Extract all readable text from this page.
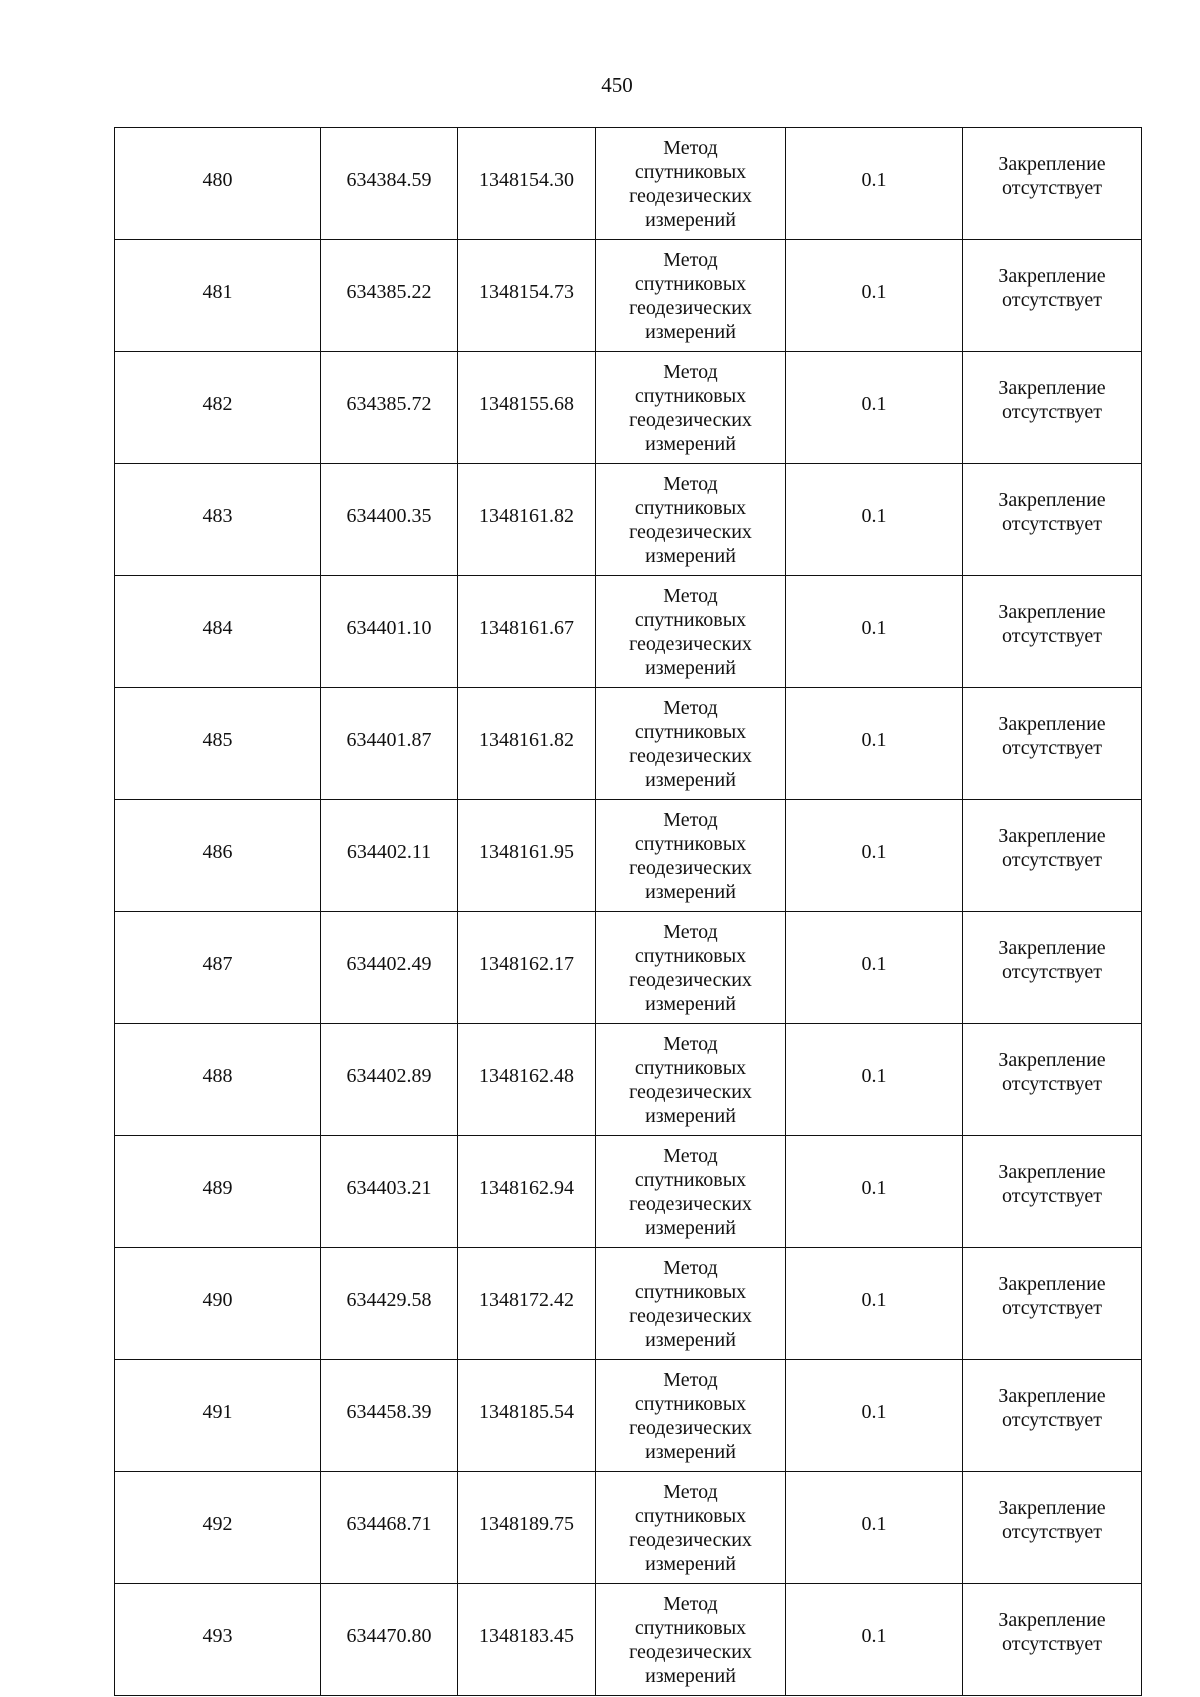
450
480	634384.59	1348154.30	Метод
спутниковых
геодезических
измерений	0.1	Закрепление
отсутствует

481	634385.22	1348154.73	Метод
спутниковых
геодезических
измерений	0.1	Закрепление
отсутствует

482	634385.72	1348155.68	Метод
спутниковых
геодезических
измерений	0.1	Закрепление
отсутствует

483	634400.35	1348161.82	Метод
спутниковых
геодезических
измерений	0.1	Закрепление
отсутствует

484	634401.10	1348161.67	Метод
спутниковых
геодезических
измерений	0.1	Закрепление
отсутствует

485	634401.87	1348161.82	Метод
спутниковых
геодезических
измерений	0.1	Закрепление
отсутствует

486	634402.11	1348161.95	Метод
спутниковых
геодезических
измерений	0.1	Закрепление
отсутствует

487	634402.49	1348162.17	Метод
спутниковых
геодезических
измерений	0.1	Закрепление
отсутствует

488	634402.89	1348162.48	Метод
спутниковых
геодезических
измерений	0.1	Закрепление
отсутствует

489	634403.21	1348162.94	Метод
спутниковых
геодезических
измерений	0.1	Закрепление
отсутствует

490	634429.58	1348172.42	Метод
спутниковых
геодезических
измерений	0.1	Закрепление
отсутствует

491	634458.39	1348185.54	Метод
спутниковых
геодезических
измерений	0.1	Закрепление
отсутствует

492	634468.71	1348189.75	Метод
спутниковых
геодезических
измерений	0.1	Закрепление
отсутствует

493	634470.80	1348183.45	Метод
спутниковых
геодезических
измерений	0.1	Закрепление
отсутствует
